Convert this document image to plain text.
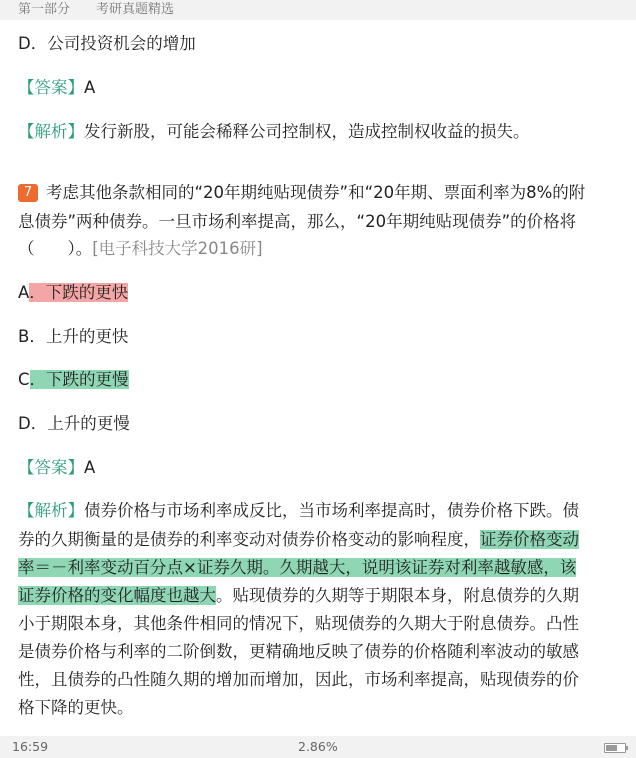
第一部分 考研真题精选
D．公司投资机会的增加
【答案】A
【解析】发行新股，可能会稀释公司控制权，造成控制权收益的损失。
7 考虑其他条款相同的“20年期纯贴现债券”和“20年期、票面利率为8%的附
息债券”两种债券。一旦市场利率提高，那么，“20年期纯贴现债券”的价格将
（　　）。[电子科技大学2016研]
A．下跌的更快
B．上升的更快
C．下跌的更慢
D．上升的更慢
【答案】A
【解析】债券价格与市场利率成反比，当市场利率提高时，债券价格下跌。债
券的久期衡量的是债券的利率变动对债券价格变动的影响程度，证券价格变动
率＝－利率变动百分点×证券久期。久期越大，说明该证券对利率越敏感，该
证券价格的变化幅度也越大。贴现债券的久期等于期限本身，附息债券的久期
小于期限本身，其他条件相同的情况下，贴现债券的久期大于附息债券。凸性
是债券价格与利率的二阶倒数，更精确地反映了债券的价格随利率波动的敏感
性，且债券的凸性随久期的增加而增加，因此，市场利率提高，贴现债券的价
格下降的更快。
16:59	2.86%
